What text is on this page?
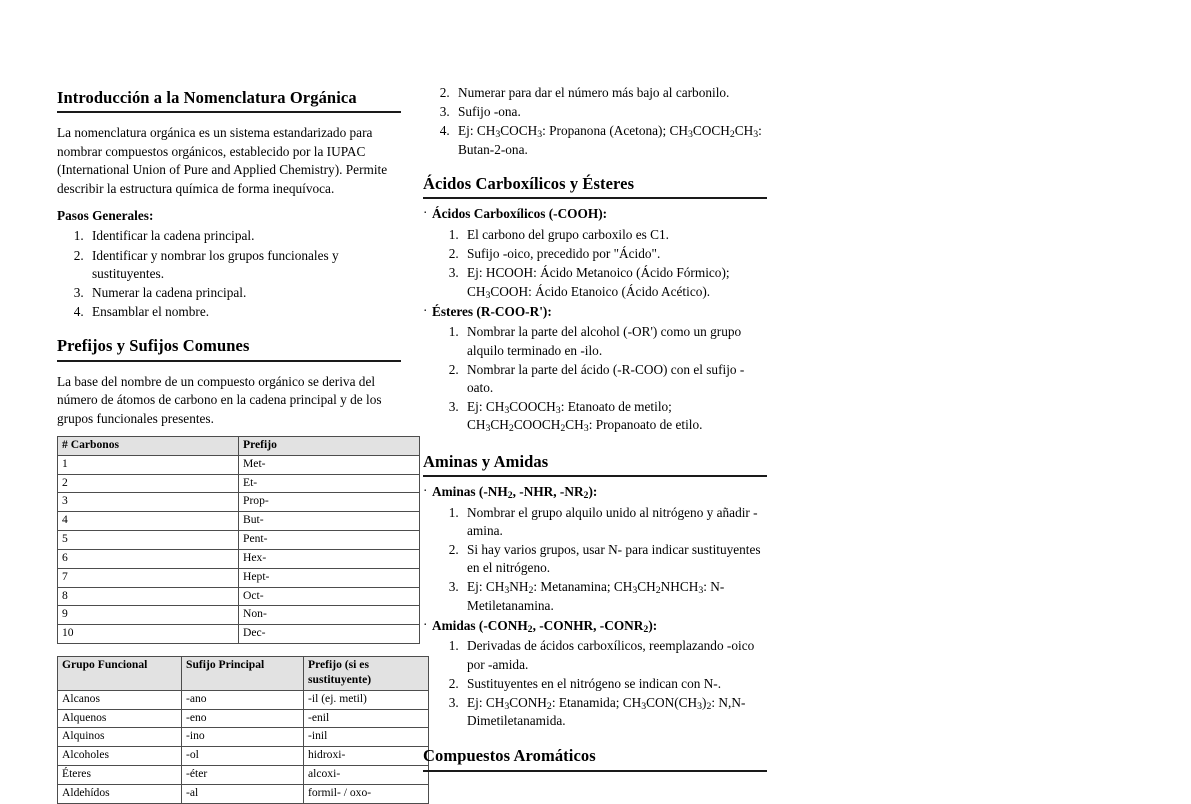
Introducción a la Nomenclatura Orgánica

La nomenclatura orgánica es un sistema estandarizado para nombrar compuestos orgánicos, establecido por la IUPAC (International Union of Pure and Applied Chemistry). Permite describir la estructura química de forma inequívoca.

Pasos Generales:
1. Identificar la cadena principal.
2. Identificar y nombrar los grupos funcionales y sustituyentes.
3. Numerar la cadena principal.
4. Ensamblar el nombre.
Prefijos y Sufijos Comunes

La base del nombre de un compuesto orgánico se deriva del número de átomos de carbono en la cadena principal y de los grupos funcionales presentes.

# Carbonos	Prefijo
1	Met-
2	Et-
3	Prop-
4	But-
5	Pent-
6	Hex-
7	Hept-
8	Oct-
9	Non-
10	Dec-
Grupo Funcional	Sufijo Principal	Prefijo (si es sustituyente)
Alcanos	-ano	-il (ej. metil)
Alquenos	-eno	-enil
Alquinos	-ino	-inil
Alcoholes	-ol	hidroxi-
Éteres	-éter	alcoxi-
Aldehídos	-al	formil- / oxo-
2. Numerar para dar el número más bajo al carbonilo.
3. Sufijo -ona.
4. Ej: $CH_3COCH_3$: Propanona (Acetona); $CH_3COCH_2CH_3$: Butan-2-ona.
Ácidos Carboxílicos y Ésteres
· Ácidos Carboxílicos (-COOH):
1. El carbono del grupo carboxilo es C1.
2. Sufijo -oico, precedido por "Ácido".
3. Ej: HCOOH: Ácido Metanoico (Ácido Fórmico); $CH_3COOH$: Ácido Etanoico (Ácido Acético).
· Ésteres (R-COO-R'):
1. Nombrar la parte del alcohol (-OR') como un grupo alquilo terminado en -ilo.
2. Nombrar la parte del ácido (-R-COO) con el sufijo -oato.
3. Ej: $CH_3COOCH_3$: Etanoato de metilo; $CH_3CH_2COOCH_2CH_3$: Propanoato de etilo.
Aminas y Amidas
· Aminas ($-NH_2$, -NHR, $-NR_2$):
1. Nombrar el grupo alquilo unido al nitrógeno y añadir -amina.
2. Si hay varios grupos, usar N- para indicar sustituyentes en el nitrógeno.
3. Ej: $CH_3NH_2$: Metanamina; $CH_3CH_2NHCH_3$: N-Metiletanamina.
· Amidas ($-CONH_2$, -CONHR, $-CONR_2$):
1. Derivadas de ácidos carboxílicos, reemplazando -oico por -amida.
2. Sustituyentes en el nitrógeno se indican con N-.
3. Ej: $CH_3CONH_2$: Etanamida; $CH_3CON(CH_3)_2$: N,N-Dimetiletanamida.
Compuestos Aromáticos
